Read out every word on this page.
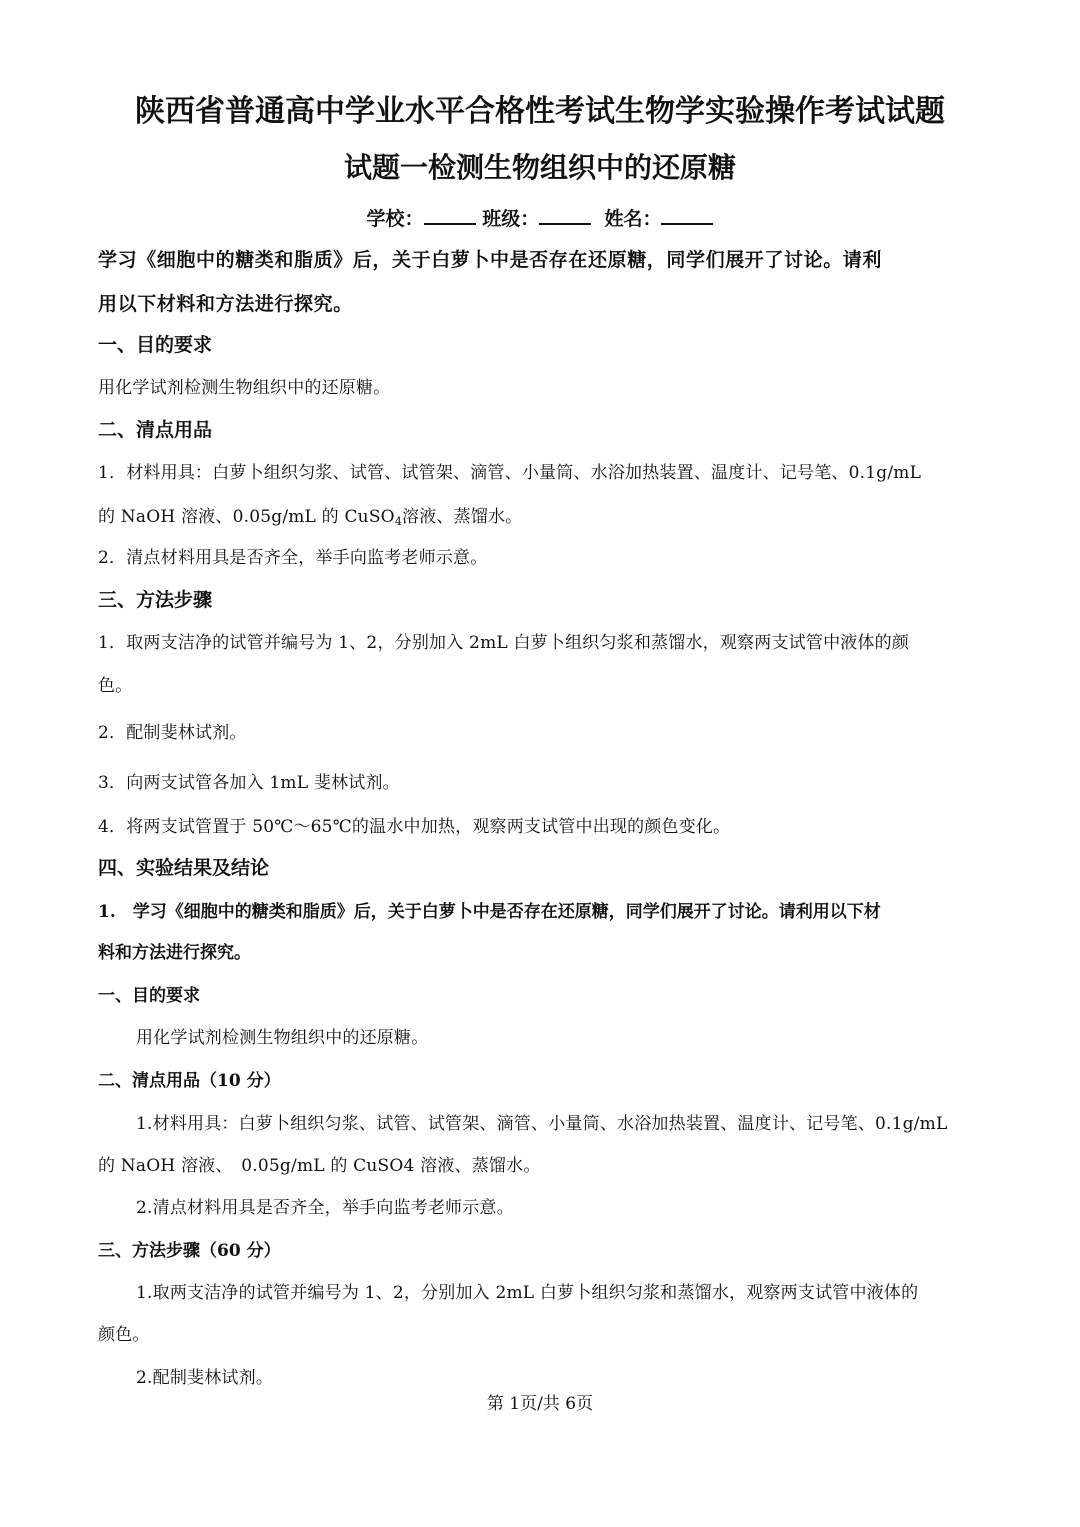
陕西省普通高中学业水平合格性考试生物学实验操作考试试题
试题一检测生物组织中的还原糖
学校：	班级：	姓名：
学习《细胞中的糖类和脂质》后，关于白萝卜中是否存在还原糖，同学们展开了讨论。请利
用以下材料和方法进行探究。
一、目的要求
用化学试剂检测生物组织中的还原糖。
二、清点用品
1．材料用具：白萝卜组织匀浆、试管、试管架、滴管、小量筒、水浴加热装置、温度计、记号笔、0.1g/mL
的 NaOH 溶液、0.05g/mL 的 CuSO$_4$溶液、蒸馏水。
2．清点材料用具是否齐全，举手向监考老师示意。
三、方法步骤
1．取两支洁净的试管并编号为 1、2，分别加入 2mL 白萝卜组织匀浆和蒸馏水，观察两支试管中液体的颜
色。
2．配制斐林试剂。
3．向两支试管各加入 1mL 斐林试剂。
4．将两支试管置于 50℃～65℃的温水中加热，观察两支试管中出现的颜色变化。
四、实验结果及结论
1.　学习《细胞中的糖类和脂质》后，关于白萝卜中是否存在还原糖，同学们展开了讨论。请利用以下材
料和方法进行探究。
一、目的要求
用化学试剂检测生物组织中的还原糖。
二、清点用品（10 分）
1.材料用具：白萝卜组织匀浆、试管、试管架、滴管、小量筒、水浴加热装置、温度计、记号笔、0.1g/mL
的 NaOH 溶液、　0.05g/mL 的 CuSO4 溶液、蒸馏水。
2.清点材料用具是否齐全，举手向监考老师示意。
三、方法步骤（60 分）
1.取两支洁净的试管并编号为 1、2，分别加入 2mL 白萝卜组织匀浆和蒸馏水，观察两支试管中液体的
颜色。
2.配制斐林试剂。
第 1页/共 6页
